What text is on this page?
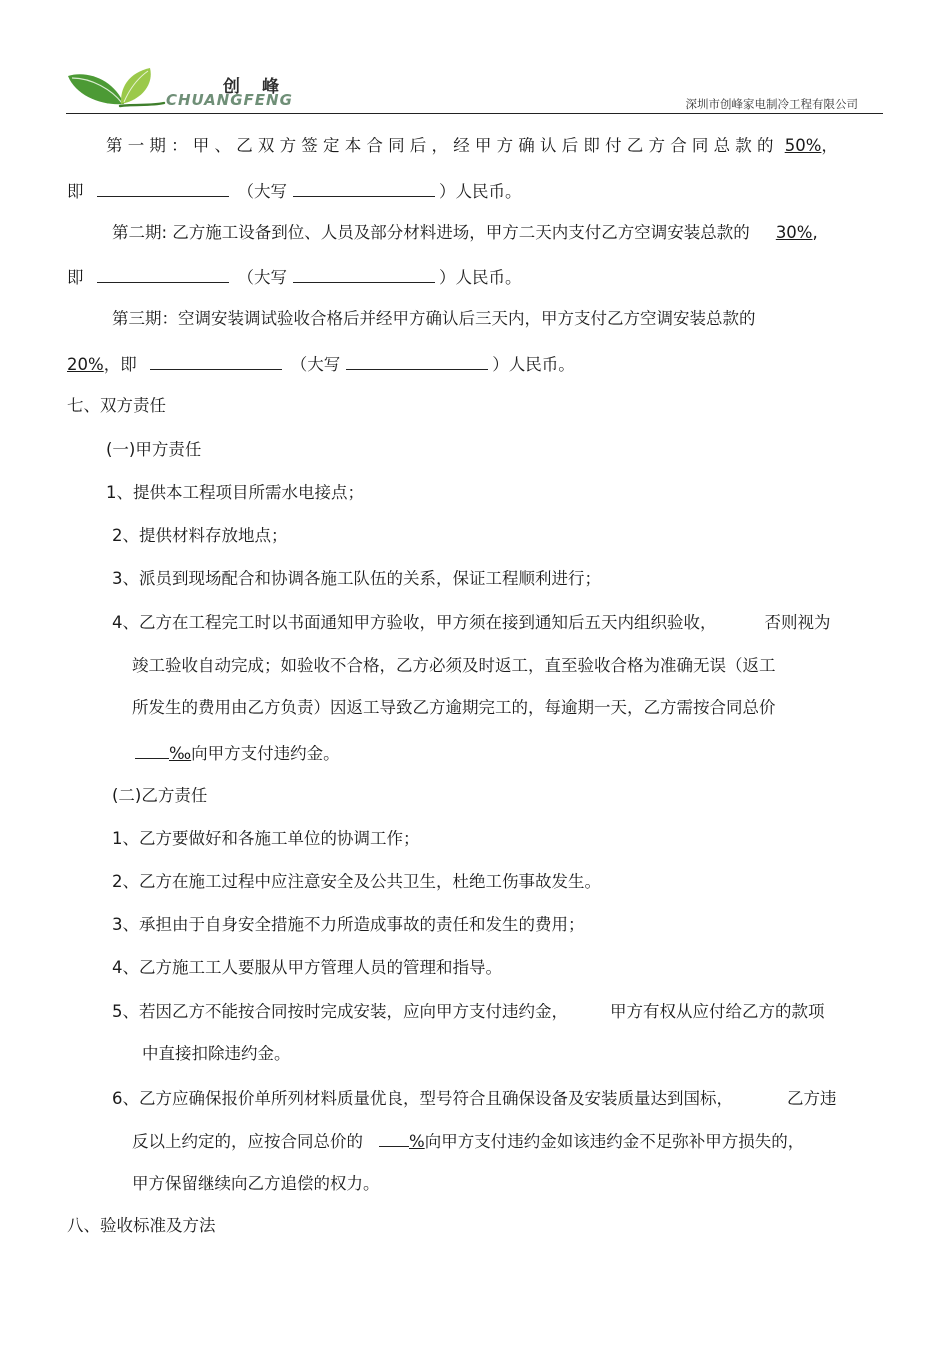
创峰
CHUANGFENG	深圳市创峰家电制冷工程有限公司
第一期：甲、乙双方签定本合同后，经甲方确认后即付乙方合同总款的 50%，
即	（大写	）人民币。
第二期: 乙方施工设备到位、人员及部分材料进场，甲方二天内支付乙方空调安装总款的 30%,
即	（大写	）人民币。
第三期：空调安装调试验收合格后并经甲方确认后三天内，甲方支付乙方空调安装总款的
20%，即	（大写	）人民币。
七、双方责任
(一)甲方责任
1、提供本工程项目所需水电接点；
2、提供材料存放地点；
3、派员到现场配合和协调各施工队伍的关系，保证工程顺利进行；
4、乙方在工程完工时以书面通知甲方验收，甲方须在接到通知后五天内组织验收，	否则视为
竣工验收自动完成；如验收不合格，乙方必须及时返工，直至验收合格为准确无误（返工
所发生的费用由乙方负责）因返工导致乙方逾期完工的，每逾期一天，乙方需按合同总价
‰向甲方支付违约金。
(二)乙方责任
1、乙方要做好和各施工单位的协调工作；
2、乙方在施工过程中应注意安全及公共卫生，杜绝工伤事故发生。
3、承担由于自身安全措施不力所造成事故的责任和发生的费用；
4、乙方施工工人要服从甲方管理人员的管理和指导。
5、若因乙方不能按合同按时完成安装，应向甲方支付违约金，	甲方有权从应付给乙方的款项
中直接扣除违约金。
6、乙方应确保报价单所列材料质量优良，型号符合且确保设备及安装质量达到国标，	乙方违
反以上约定的，应按合同总价的	%向甲方支付违约金如该违约金不足弥补甲方损失的，
甲方保留继续向乙方追偿的权力。
八、验收标准及方法
